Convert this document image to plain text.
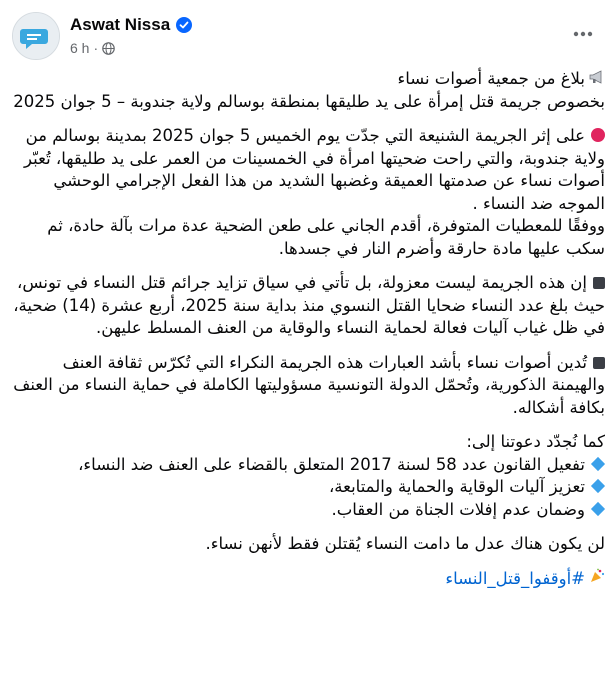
Aswat Nissa
6 h ·

بلاغ من جمعية أصوات نساء

بخصوص جريمة قتل إمرأة على يد طليقها بمنطقة بوسالم ولاية جندوبة – 5 جوان 2025

على إثر الجريمة الشنيعة التي جدّت يوم الخميس 5 جوان 2025 بمدينة بوسالم من ولاية جندوبة، والتي راحت ضحيتها امرأة في الخمسينات من العمر على يد طليقها، تُعبّر أصوات نساء عن صدمتها العميقة وغضبها الشديد من هذا الفعل الإجرامي الوحشي الموجه ضد النساء .

ووفقًا للمعطيات المتوفرة، أقدم الجاني على طعن الضحية عدة مرات بآلة حادة، ثم سكب عليها مادة حارقة وأضرم النار في جسدها.

إن هذه الجريمة ليست معزولة، بل تأتي في سياق تزايد جرائم قتل النساء في تونس، حيث بلغ عدد النساء ضحايا القتل النسوي منذ بداية سنة 2025، أربع عشرة (14) ضحية، في ظل غياب آليات فعالة لحماية النساء والوقاية من العنف المسلط عليهن.

تُدين أصوات نساء بأشد العبارات هذه الجريمة النكراء التي تُكرّس ثقافة العنف والهيمنة الذكورية، وتُحمّل الدولة التونسية مسؤوليتها الكاملة في حماية النساء من العنف بكافة أشكاله.

كما نُجدّد دعوتنا إلى:

تفعيل القانون عدد 58 لسنة 2017 المتعلق بالقضاء على العنف ضد النساء،

تعزيز آليات الوقاية والحماية والمتابعة،

وضمان عدم إفلات الجناة من العقاب.

لن يكون هناك عدل ما دامت النساء يُقتلن فقط لأنهن نساء.

#أوقفوا_قتل_النساء
